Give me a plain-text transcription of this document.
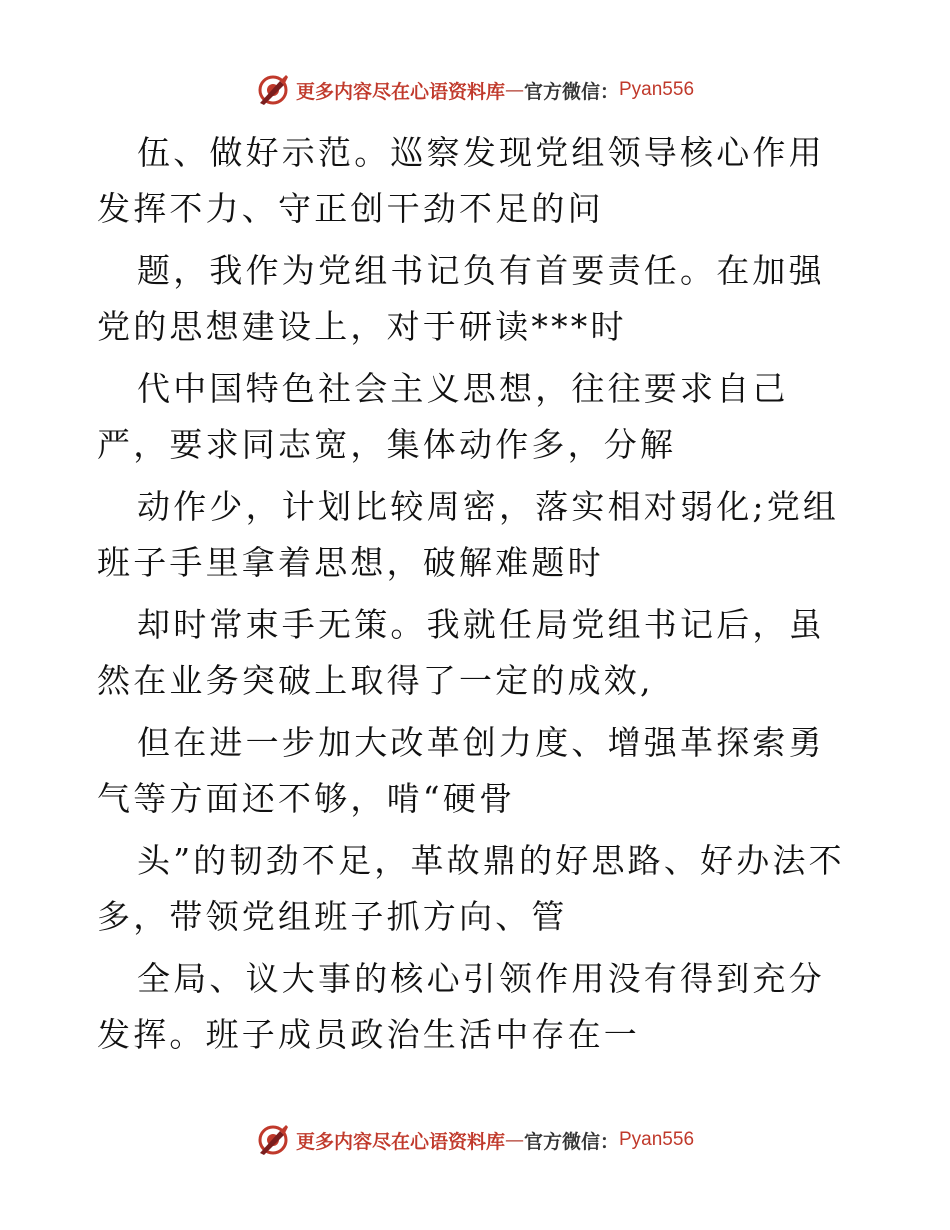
更多内容尽在心语资料库 — 官方微信： Pyan556

伍、做好示范。巡察发现党组领导核心作用发挥不力、守正创干劲不足的问

题，我作为党组书记负有首要责任。在加强党的思想建设上，对于研读***时

代中国特色社会主义思想，往往要求自己严，要求同志宽，集体动作多，分解

动作少，计划比较周密，落实相对弱化;党组班子手里拿着思想，破解难题时

却时常束手无策。我就任局党组书记后，虽然在业务突破上取得了一定的成效,

但在进一步加大改革创力度、增强革探索勇气等方面还不够，啃“硬骨

头”的韧劲不足，革故鼎的好思路、好办法不多，带领党组班子抓方向、管

全局、议大事的核心引领作用没有得到充分发挥。班子成员政治生活中存在一

更多内容尽在心语资料库 — 官方微信： Pyan556
